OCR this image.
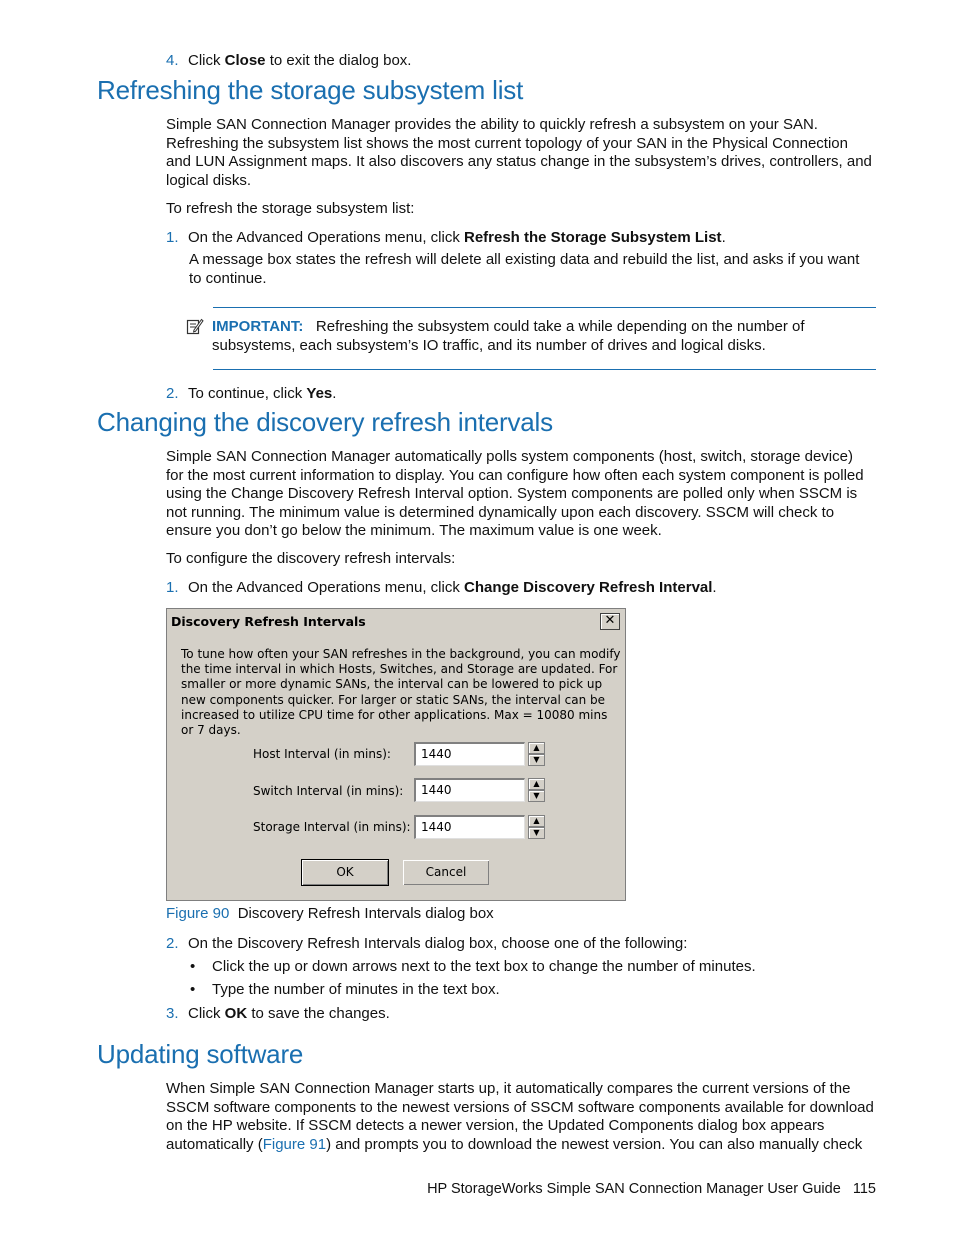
4. Click Close to exit the dialog box.
Refreshing the storage subsystem list
Simple SAN Connection Manager provides the ability to quickly refresh a subsystem on your SAN. Refreshing the subsystem list shows the most current topology of your SAN in the Physical Connection and LUN Assignment maps. It also discovers any status change in the subsystem’s drives, controllers, and logical disks.
To refresh the storage subsystem list:
1. On the Advanced Operations menu, click Refresh the Storage Subsystem List.
A message box states the refresh will delete all existing data and rebuild the list, and asks if you want to continue.
IMPORTANT: Refreshing the subsystem could take a while depending on the number of subsystems, each subsystem’s IO traffic, and its number of drives and logical disks.
2. To continue, click Yes.
Changing the discovery refresh intervals
Simple SAN Connection Manager automatically polls system components (host, switch, storage device) for the most current information to display. You can configure how often each system component is polled using the Change Discovery Refresh Interval option. System components are polled only when SSCM is not running. The minimum value is determined dynamically upon each discovery. SSCM will check to ensure you don’t go below the minimum. The maximum value is one week.
To configure the discovery refresh intervals:
1. On the Advanced Operations menu, click Change Discovery Refresh Interval.
Discovery Refresh Intervals	✕
To tune how often your SAN refreshes in the background, you can modify the time interval in which Hosts, Switches, and Storage are updated. For smaller or more dynamic SANs, the interval can be lowered to pick up new components quicker. For larger or static SANs, the interval can be increased to utilize CPU time for other applications. Max = 10080 mins or 7 days.
Host Interval (in mins):	1440	▲
▼
Switch Interval (in mins):	1440	▲
▼
Storage Interval (in mins): 1440	▲
▼
OK	Cancel
Figure 90 Discovery Refresh Intervals dialog box
2. On the Discovery Refresh Intervals dialog box, choose one of the following:
• Click the up or down arrows next to the text box to change the number of minutes.
• Type the number of minutes in the text box.
3. Click OK to save the changes.
Updating software
When Simple SAN Connection Manager starts up, it automatically compares the current versions of the SSCM software components to the newest versions of SSCM software components available for download on the HP website. If SSCM detects a newer version, the Updated Components dialog box appears automatically (Figure 91) and prompts you to download the newest version. You can also manually check
HP StorageWorks Simple SAN Connection Manager User Guide 115
